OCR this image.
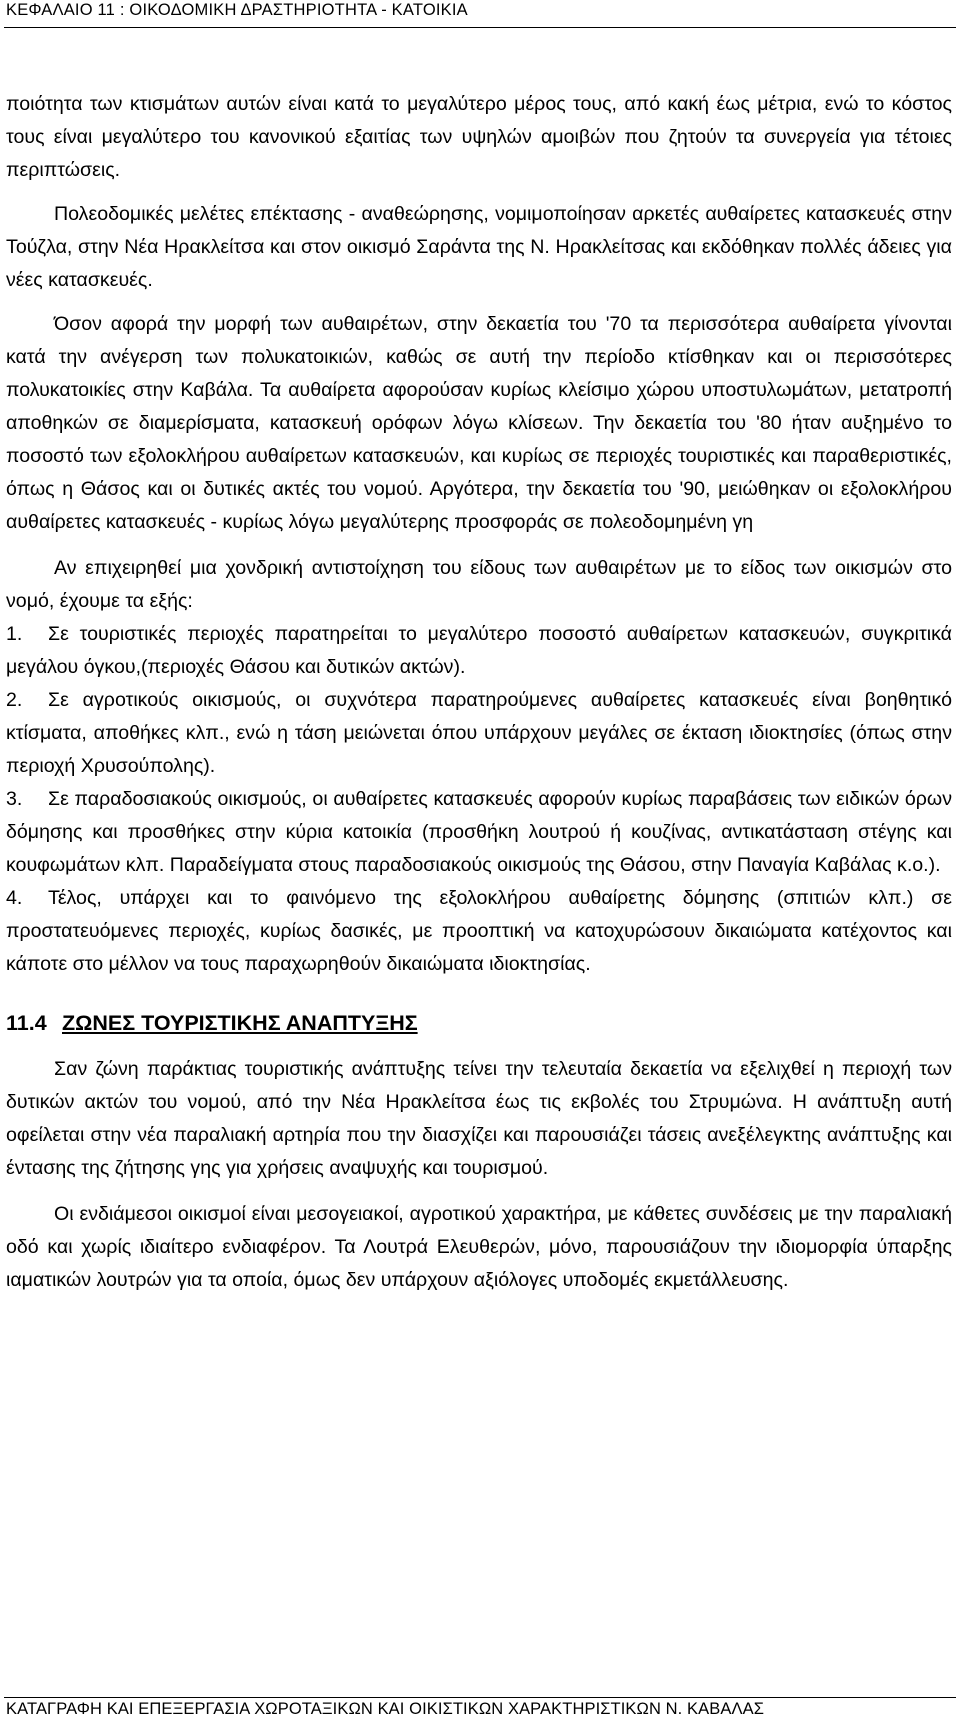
ΚΕΦΑΛΑΙΟ 11 : ΟΙΚΟΔΟΜΙΚΗ ΔΡΑΣΤΗΡΙΟΤΗΤΑ - ΚΑΤΟΙΚΙΑ

ποιότητα των κτισμάτων αυτών είναι κατά το μεγαλύτερο μέρος τους, από κακή έως μέτρια, ενώ το κόστος τους είναι μεγαλύτερο του κανονικού εξαιτίας των υψηλών αμοιβών που ζητούν τα συνεργεία για τέτοιες περιπτώσεις.

Πολεοδομικές μελέτες επέκτασης - αναθεώρησης, νομιμοποίησαν αρκετές αυθαίρετες κατασκευές στην Τούζλα, στην Νέα Ηρακλείτσα και στον οικισμό Σαράντα της Ν. Ηρακλείτσας και εκδόθηκαν πολλές άδειες για νέες κατασκευές.

Όσον αφορά την μορφή των αυθαιρέτων, στην δεκαετία του '70 τα περισσότερα αυθαίρετα γίνονται κατά την ανέγερση των πολυκατοικιών, καθώς σε αυτή την περίοδο κτίσθηκαν και οι περισσότερες πολυκατοικίες στην Καβάλα. Τα αυθαίρετα αφορούσαν κυρίως κλείσιμο χώρου υποστυλωμάτων, μετατροπή αποθηκών σε διαμερίσματα, κατασκευή ορόφων λόγω κλίσεων. Την δεκαετία του '80 ήταν αυξημένο το ποσοστό των εξολοκλήρου αυθαίρετων κατασκευών, και κυρίως σε περιοχές τουριστικές και παραθεριστικές, όπως η Θάσος και οι δυτικές ακτές του νομού. Αργότερα, την δεκαετία του '90, μειώθηκαν οι εξολοκλήρου αυθαίρετες κατασκευές - κυρίως λόγω μεγαλύτερης προσφοράς σε πολεοδομημένη γη

Αν επιχειρηθεί μια χονδρική αντιστοίχηση του είδους των αυθαιρέτων με το είδος των οικισμών στο νομό, έχουμε τα εξής:

1. Σε τουριστικές περιοχές παρατηρείται το μεγαλύτερο ποσοστό αυθαίρετων κατασκευών, συγκριτικά μεγάλου όγκου,(περιοχές Θάσου και δυτικών ακτών).

2. Σε αγροτικούς οικισμούς, οι συχνότερα παρατηρούμενες αυθαίρετες κατασκευές είναι βοηθητικό κτίσματα, αποθήκες κλπ., ενώ η τάση μειώνεται όπου υπάρχουν μεγάλες σε έκταση ιδιοκτησίες (όπως στην περιοχή Χρυσούπολης).

3. Σε παραδοσιακούς οικισμούς, οι αυθαίρετες κατασκευές αφορούν κυρίως παραβάσεις των ειδικών όρων δόμησης και προσθήκες στην κύρια κατοικία (προσθήκη λουτρού ή κουζίνας, αντικατάσταση στέγης και κουφωμάτων κλπ. Παραδείγματα στους παραδοσιακούς οικισμούς της Θάσου, στην Παναγία Καβάλας κ.ο.).

4. Τέλος, υπάρχει και το φαινόμενο της εξολοκλήρου αυθαίρετης δόμησης (σπιτιών κλπ.) σε προστατευόμενες περιοχές, κυρίως δασικές, με προοπτική να κατοχυρώσουν δικαιώματα κατέχοντος και κάποτε στο μέλλον να τους παραχωρηθούν δικαιώματα ιδιοκτησίας.

11.4 ΖΩΝΕΣ ΤΟΥΡΙΣΤΙΚΗΣ ΑΝΑΠΤΥΞΗΣ

Σαν ζώνη παράκτιας τουριστικής ανάπτυξης τείνει την τελευταία δεκαετία να εξελιχθεί η περιοχή των δυτικών ακτών του νομού, από την Νέα Ηρακλείτσα έως τις εκβολές του Στρυμώνα. Η ανάπτυξη αυτή οφείλεται στην νέα παραλιακή αρτηρία που την διασχίζει και παρουσιάζει τάσεις ανεξέλεγκτης ανάπτυξης και έντασης της ζήτησης γης για χρήσεις αναψυχής και τουρισμού.

Οι ενδιάμεσοι οικισμοί είναι μεσογειακοί, αγροτικού χαρακτήρα, με κάθετες συνδέσεις με την παραλιακή οδό και χωρίς ιδιαίτερο ενδιαφέρον. Τα Λουτρά Ελευθερών, μόνο, παρουσιάζουν την ιδιομορφία ύπαρξης ιαματικών λουτρών για τα οποία, όμως δεν υπάρχουν αξιόλογες υποδομές εκμετάλλευσης.

ΚΑΤΑΓΡΑΦΗ ΚΑΙ ΕΠΕΞΕΡΓΑΣΙΑ ΧΩΡΟΤΑΞΙΚΩΝ ΚΑΙ ΟΙΚΙΣΤΙΚΩΝ ΧΑΡΑΚΤΗΡΙΣΤΙΚΩΝ Ν. ΚΑΒΑΛΑΣ
